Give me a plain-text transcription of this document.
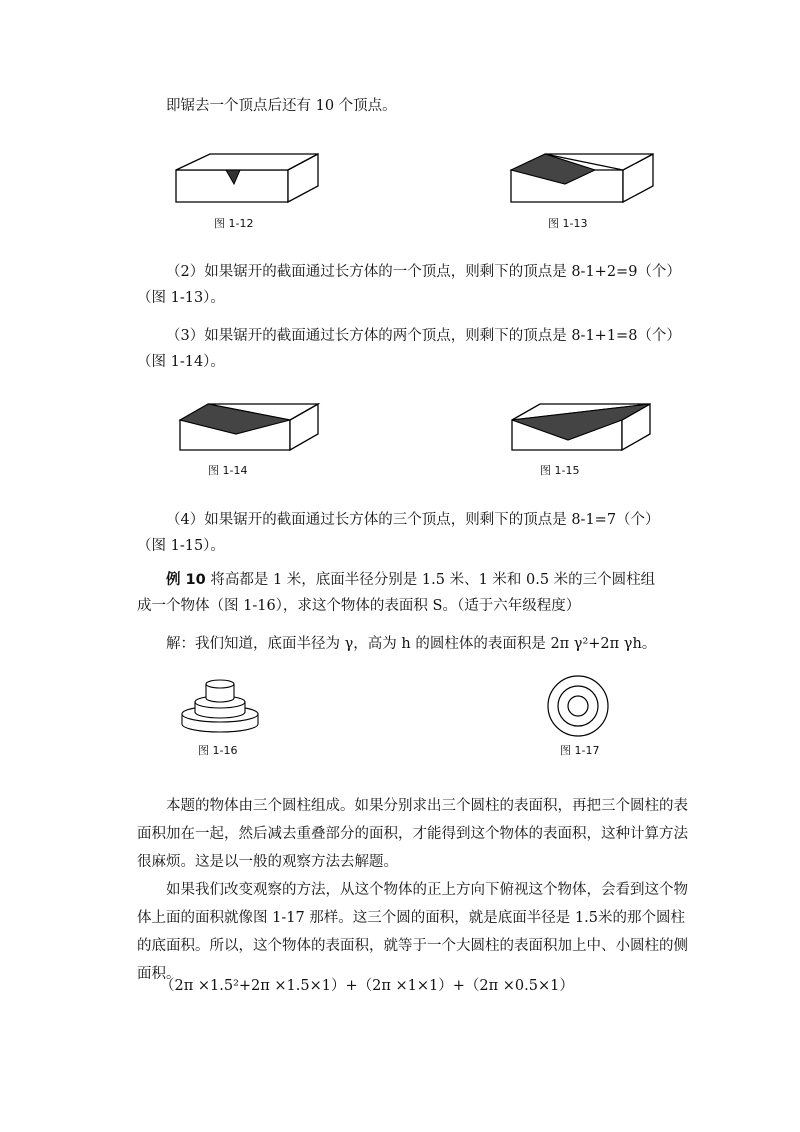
即锯去一个顶点后还有 10 个顶点。

图 1-12	图 1-13

（2）如果锯开的截面通过长方体的一个顶点，则剩下的顶点是 8-1+2=9（个）

（图 1-13）。

（3）如果锯开的截面通过长方体的两个顶点，则剩下的顶点是 8-1+1=8（个）

（图 1-14）。

图 1-14	图 1-15

（4）如果锯开的截面通过长方体的三个顶点，则剩下的顶点是 8-1=7（个）

（图 1-15）。

例 10 将高都是 1 米，底面半径分别是 1.5 米、1 米和 0.5 米的三个圆柱组

成一个物体（图 1-16），求这个物体的表面积 S。（适于六年级程度）

解：我们知道，底面半径为 γ，高为 h 的圆柱体的表面积是 2π γ²+2π γh。

图 1-16	图 1-17

本题的物体由三个圆柱组成。如果分别求出三个圆柱的表面积，再把三个圆柱的表面积加在一起，然后减去重叠部分的面积，才能得到这个物体的表面积，这种计算方法很麻烦。这是以一般的观察方法去解题。

如果我们改变观察的方法，从这个物体的正上方向下俯视这个物体，会看到这个物体上面的面积就像图 1-17 那样。这三个圆的面积，就是底面半径是 1.5米的那个圆柱的底面积。所以，这个物体的表面积，就等于一个大圆柱的表面积加上中、小圆柱的侧面积。

（2π ×1.5²+2π ×1.5×1）+（2π ×1×1）+（2π ×0.5×1）
